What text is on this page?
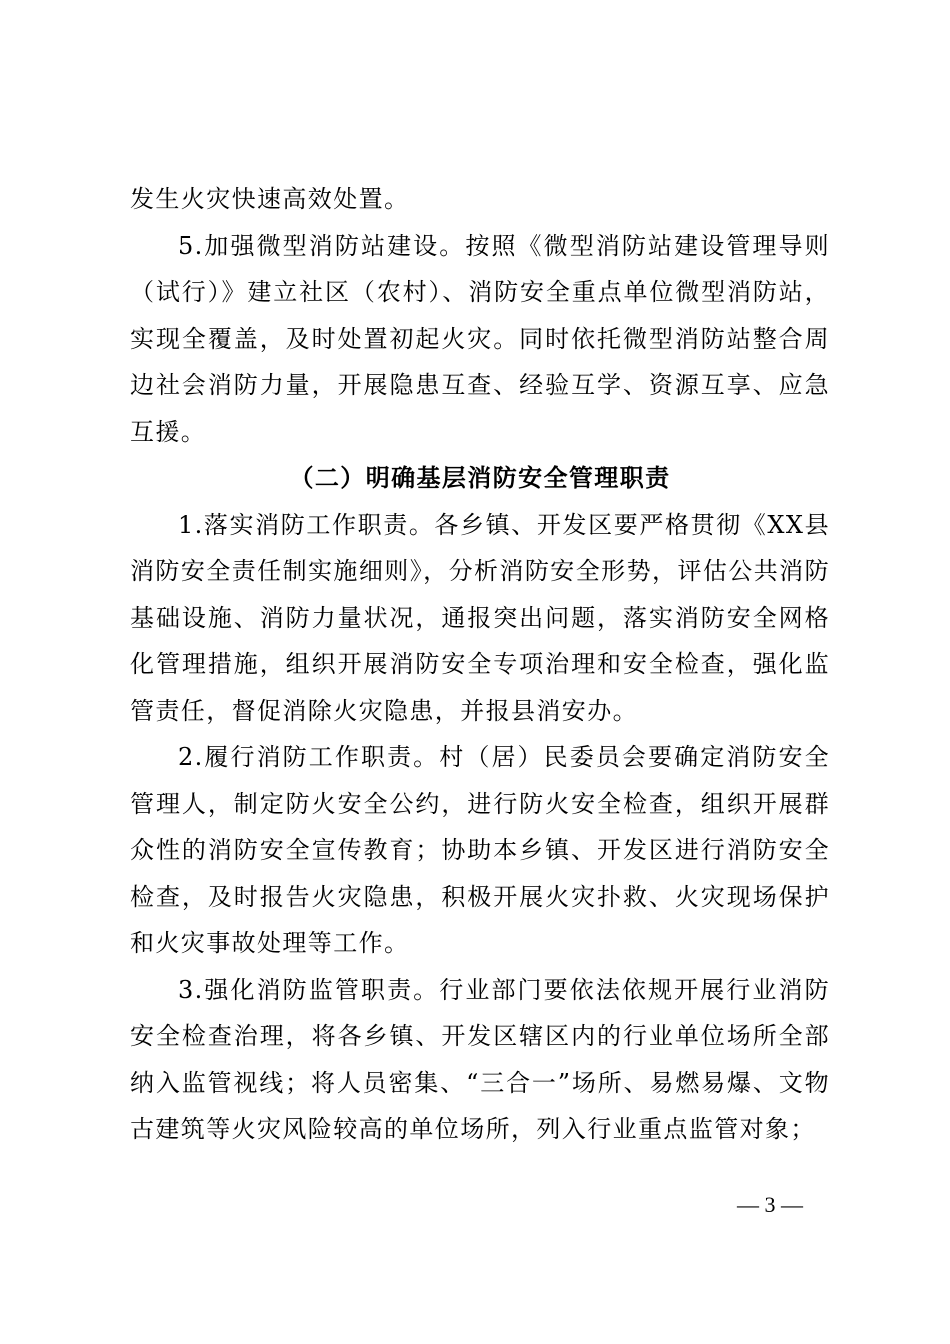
发生火灾快速高效处置。

5.加强微型消防站建设。按照《微型消防站建设管理导则（试行）》建立社区（农村）、消防安全重点单位微型消防站，实现全覆盖，及时处置初起火灾。同时依托微型消防站整合周边社会消防力量，开展隐患互查、经验互学、资源互享、应急互援。

（二）明确基层消防安全管理职责

1.落实消防工作职责。各乡镇、开发区要严格贯彻《XX县消防安全责任制实施细则》，分析消防安全形势，评估公共消防基础设施、消防力量状况，通报突出问题，落实消防安全网格化管理措施，组织开展消防安全专项治理和安全检查，强化监管责任，督促消除火灾隐患，并报县消安办。

2.履行消防工作职责。村（居）民委员会要确定消防安全管理人，制定防火安全公约，进行防火安全检查，组织开展群众性的消防安全宣传教育；协助本乡镇、开发区进行消防安全检查，及时报告火灾隐患，积极开展火灾扑救、火灾现场保护和火灾事故处理等工作。

3.强化消防监管职责。行业部门要依法依规开展行业消防安全检查治理，将各乡镇、开发区辖区内的行业单位场所全部纳入监管视线；将人员密集、“三合一”场所、易燃易爆、文物古建筑等火灾风险较高的单位场所，列入行业重点监管对象；

— 3 —
